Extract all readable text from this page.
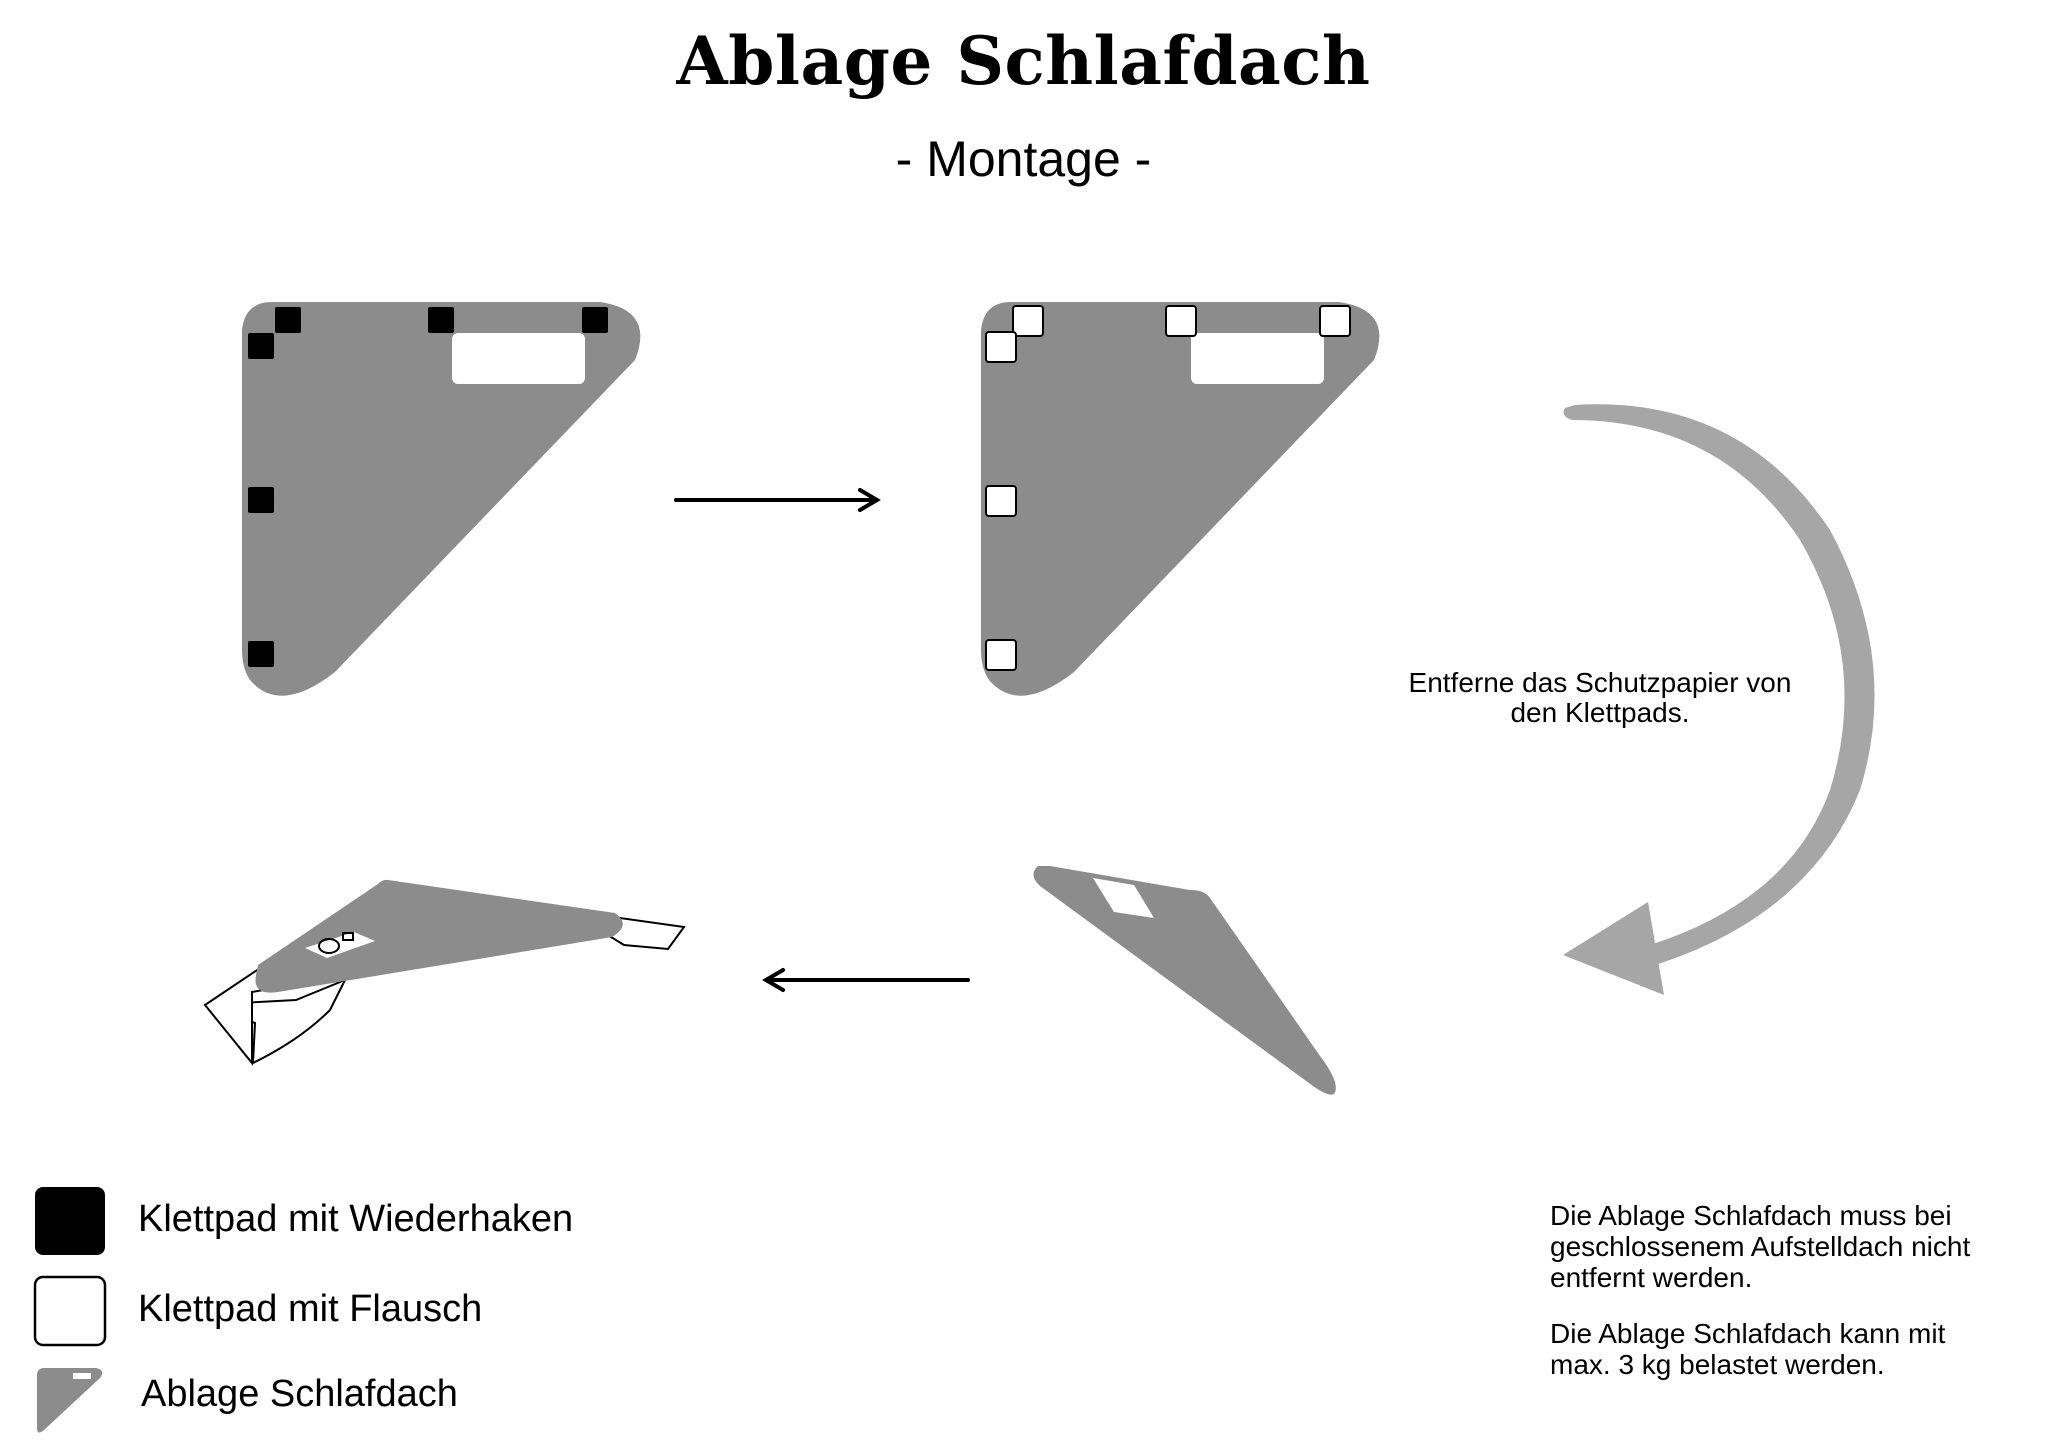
Ablage Schlafdach
- Montage -
Entferne das Schutzpapier von
den Klettpads.
Klettpad mit Wiederhaken
Klettpad mit Flausch
Ablage Schlafdach
Die Ablage Schlafdach muss bei
geschlossenem Aufstelldach nicht
entfernt werden.
Die Ablage Schlafdach kann mit
max. 3 kg belastet werden.
